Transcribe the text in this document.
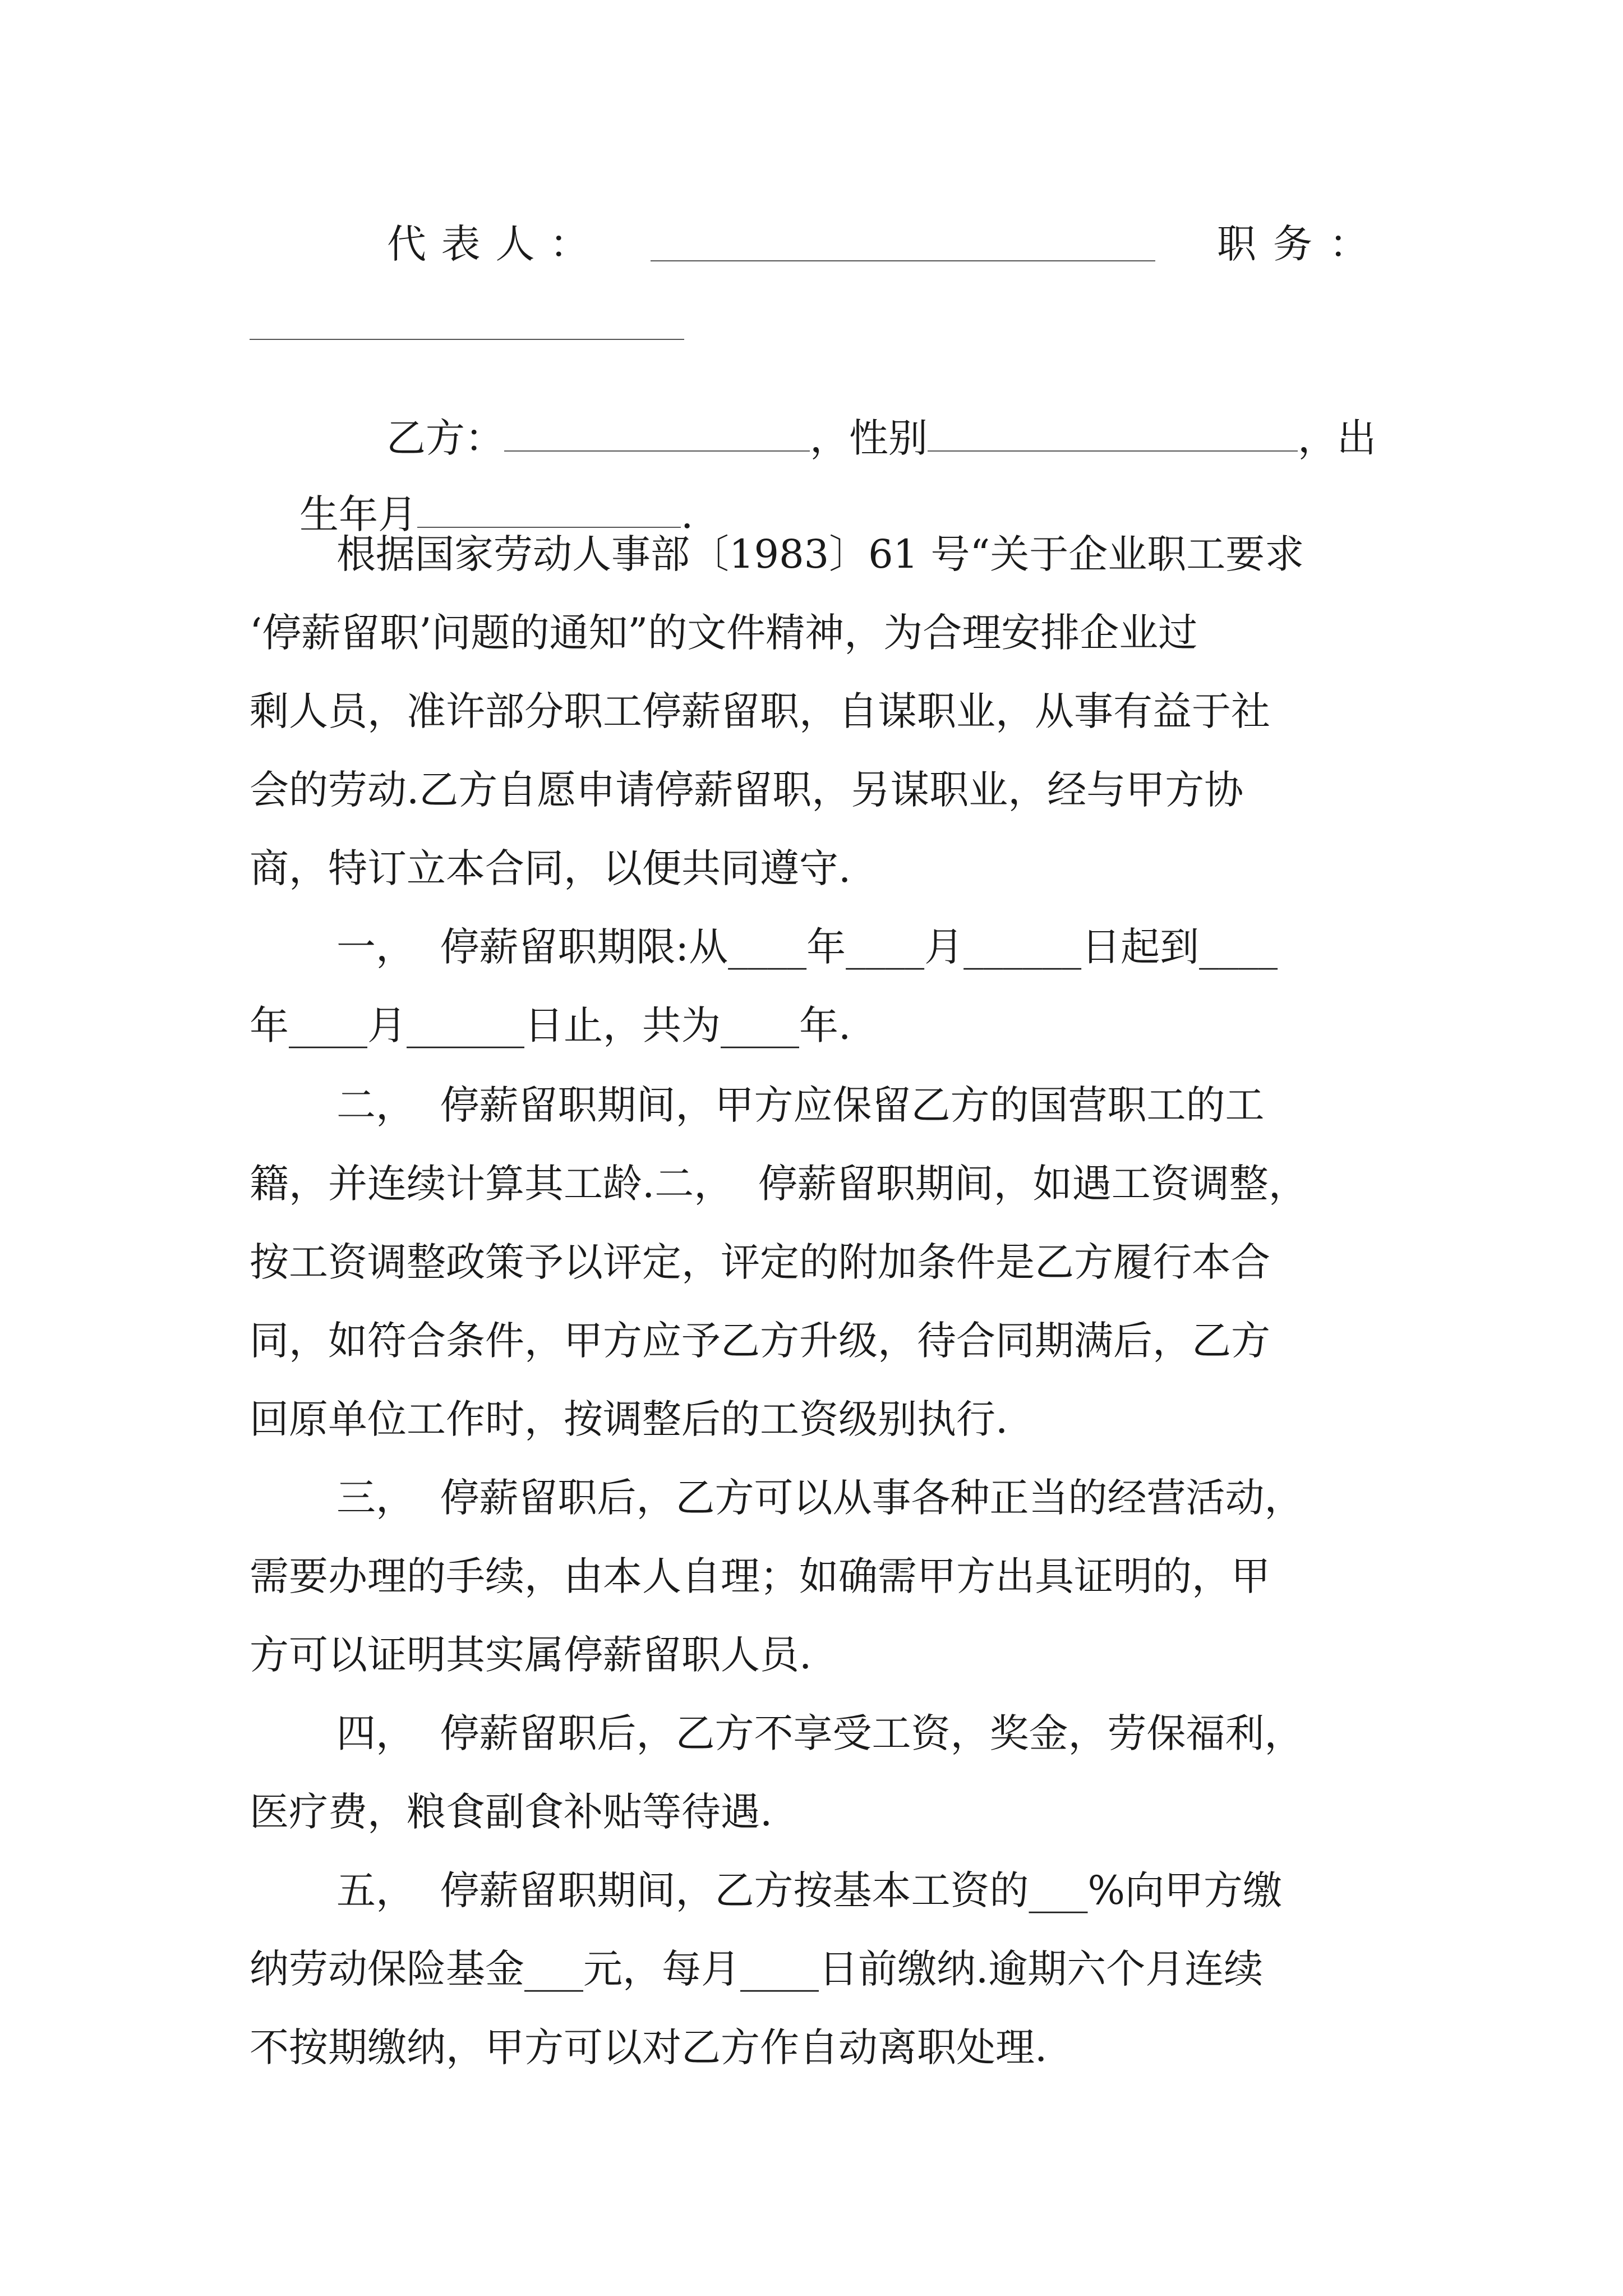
代 表 人 ：	职 务 ：

乙方：	，性别	，出

生年月	.

根据国家劳动人事部〔1983〕61 号“关于企业职工要求
‘停薪留职’问题的通知”的文件精神，为合理安排企业过
剩人员，准许部分职工停薪留职，自谋职业，从事有益于社
会的劳动.乙方自愿申请停薪留职，另谋职业，经与甲方协
商，特订立本合同，以便共同遵守.
一，  停薪留职期限:从____年____月______日起到____
年____月______日止，共为____年.
二，  停薪留职期间，甲方应保留乙方的国营职工的工
籍，并连续计算其工龄.二，  停薪留职期间，如遇工资调整，
按工资调整政策予以评定，评定的附加条件是乙方履行本合
同，如符合条件，甲方应予乙方升级，待合同期满后，乙方
回原单位工作时，按调整后的工资级别执行.
三，  停薪留职后，乙方可以从事各种正当的经营活动，
需要办理的手续，由本人自理；如确需甲方出具证明的，甲
方可以证明其实属停薪留职人员.
四，  停薪留职后，乙方不享受工资，奖金，劳保福利，
医疗费，粮食副食补贴等待遇.
五，  停薪留职期间，乙方按基本工资的___%向甲方缴
纳劳动保险基金___元，每月____日前缴纳.逾期六个月连续
不按期缴纳，甲方可以对乙方作自动离职处理.
